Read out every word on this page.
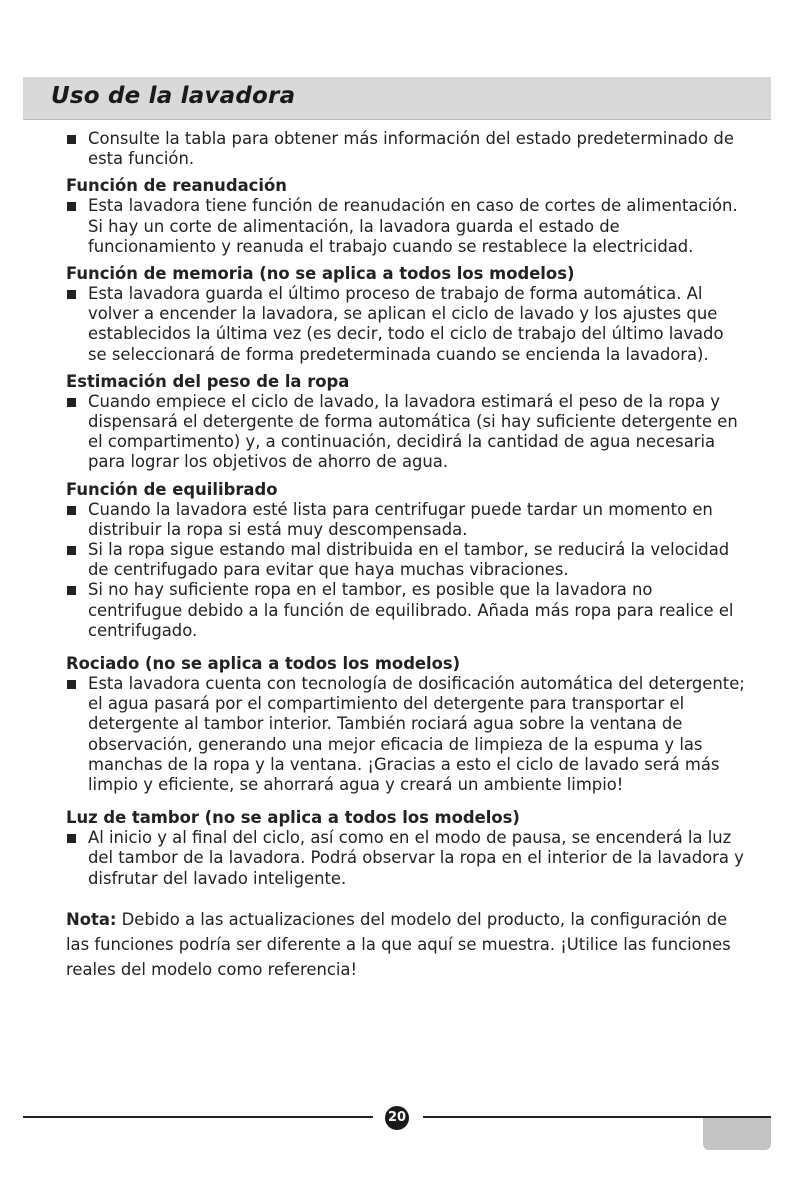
Uso de la lavadora
Consulte la tabla para obtener más información del estado predeterminado de esta función.
Función de reanudación
Esta lavadora tiene función de reanudación en caso de cortes de alimentación. Si hay un corte de alimentación, la lavadora guarda el estado de funcionamiento y reanuda el trabajo cuando se restablece la electricidad.
Función de memoria (no se aplica a todos los modelos)
Esta lavadora guarda el último proceso de trabajo de forma automática. Al volver a encender la lavadora, se aplican el ciclo de lavado y los ajustes que establecidos la última vez (es decir, todo el ciclo de trabajo del último lavado se seleccionará de forma predeterminada cuando se encienda la lavadora).
Estimación del peso de la ropa
Cuando empiece el ciclo de lavado, la lavadora estimará el peso de la ropa y dispensará el detergente de forma automática (si hay suficiente detergente en el compartimento) y, a continuación, decidirá la cantidad de agua necesaria para lograr los objetivos de ahorro de agua.
Función de equilibrado
Cuando la lavadora esté lista para centrifugar puede tardar un momento en distribuir la ropa si está muy descompensada.
Si la ropa sigue estando mal distribuida en el tambor, se reducirá la velocidad de centrifugado para evitar que haya muchas vibraciones.
Si no hay suficiente ropa en el tambor, es posible que la lavadora no centrifugue debido a la función de equilibrado. Añada más ropa para realice el centrifugado.
Rociado (no se aplica a todos los modelos)
Esta lavadora cuenta con tecnología de dosificación automática del detergente; el agua pasará por el compartimiento del detergente para transportar el detergente al tambor interior. También rociará agua sobre la ventana de observación, generando una mejor eficacia de limpieza de la espuma y las manchas de la ropa y la ventana. ¡Gracias a esto el ciclo de lavado será más limpio y eficiente, se ahorrará agua y creará un ambiente limpio!
Luz de tambor (no se aplica a todos los modelos)
Al inicio y al final del ciclo, así como en el modo de pausa, se encenderá la luz del tambor de la lavadora. Podrá observar la ropa en el interior de la lavadora y disfrutar del lavado inteligente.

Nota: Debido a las actualizaciones del modelo del producto, la configuración de las funciones podría ser diferente a la que aquí se muestra. ¡Utilice las funciones reales del modelo como referencia!

20
